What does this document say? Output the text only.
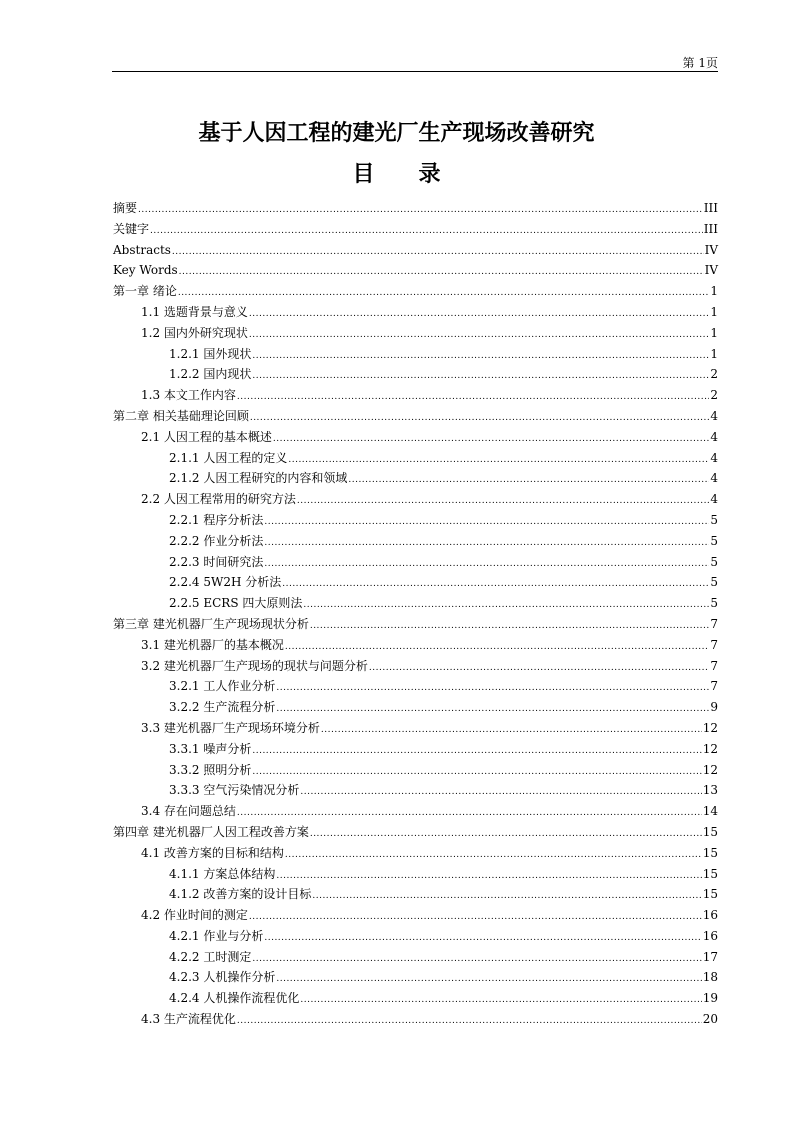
第 1页
基于人因工程的建光厂生产现场改善研究
目　　录
摘要 .....	III
关键字 .....	III
Abstracts .....	IV
Key Words .....	IV
第一章 绪论 .....	1
1.1 选题背景与意义 .....	1
1.2 国内外研究现状 .....	1
1.2.1 国外现状 .....	1
1.2.2 国内现状 .....	2
1.3 本文工作内容 .....	2
第二章 相关基础理论回顾 .....	4
2.1 人因工程的基本概述 .....	4
2.1.1 人因工程的定义 .....	4
2.1.2 人因工程研究的内容和领域 .....	4
2.2 人因工程常用的研究方法 .....	4
2.2.1 程序分析法 .....	5
2.2.2 作业分析法 .....	5
2.2.3 时间研究法 .....	5
2.2.4 5W2H 分析法 .....	5
2.2.5 ECRS 四大原则法 .....	5
第三章 建光机器厂生产现场现状分析 .....	7
3.1 建光机器厂的基本概况 .....	7
3.2 建光机器厂生产现场的现状与问题分析 .....	7
3.2.1 工人作业分析 .....	7
3.2.2 生产流程分析 .....	9
3.3 建光机器厂生产现场环境分析 .....	12
3.3.1 噪声分析 .....	12
3.3.2 照明分析 .....	12
3.3.3 空气污染情况分析 .....	13
3.4 存在问题总结 .....	14
第四章 建光机器厂人因工程改善方案 .....	15
4.1 改善方案的目标和结构 .....	15
4.1.1 方案总体结构 .....	15
4.1.2 改善方案的设计目标 .....	15
4.2 作业时间的测定 .....	16
4.2.1 作业与分析 .....	16
4.2.2 工时测定 .....	17
4.2.3 人机操作分析 .....	18
4.2.4 人机操作流程优化 .....	19
4.3 生产流程优化 .....	20
